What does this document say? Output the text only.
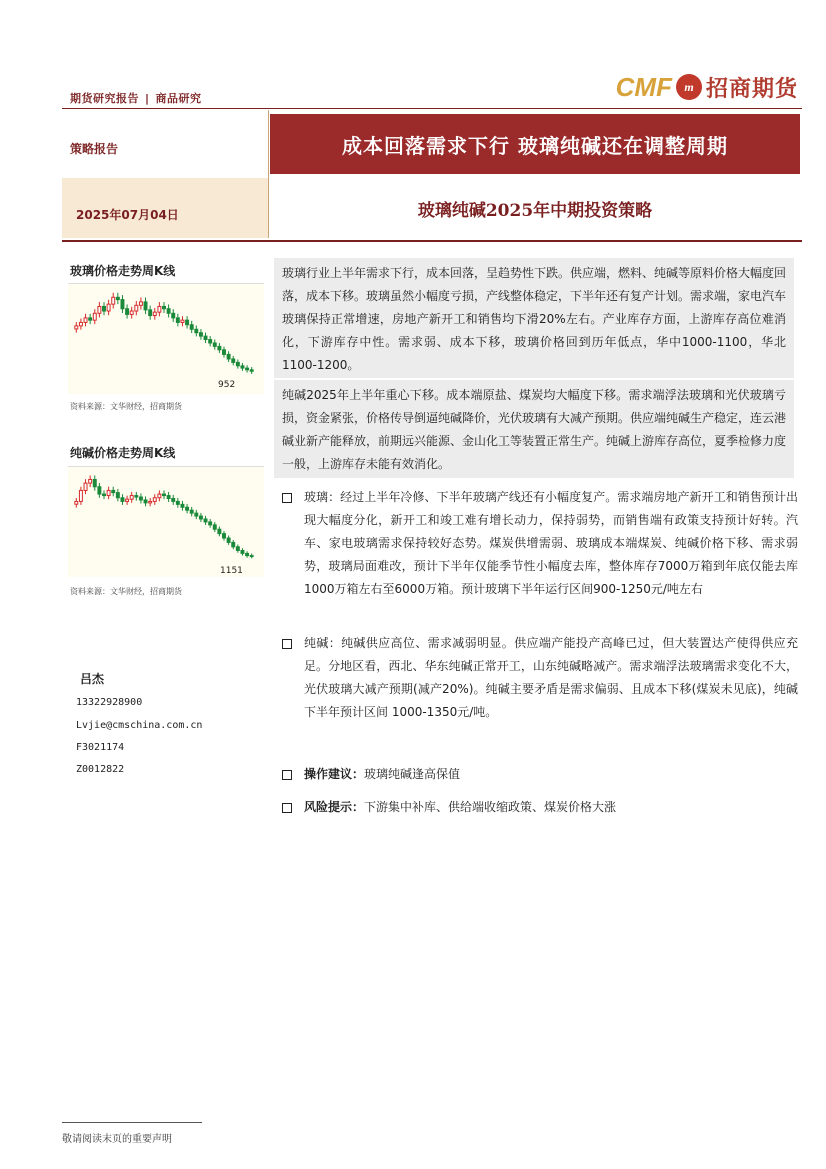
期货研究报告 | 商品研究	CMF	m 招商期货
策略报告	成本回落需求下行 玻璃纯碱还在调整周期
2025年07月04日	玻璃纯碱2025年中期投资策略
玻璃价格走势周K线
952
资料来源：文华财经，招商期货
纯碱价格走势周K线
1151
资料来源：文华财经，招商期货
吕杰
13322928900
Lvjie@cmschina.com.cn
F3021174
Z0012822
玻璃行业上半年需求下行，成本回落，呈趋势性下跌。供应端，燃料、纯碱等原料价格大幅度回落，成本下移。玻璃虽然小幅度亏损，产线整体稳定，下半年还有复产计划。需求端，家电汽车玻璃保持正常增速，房地产新开工和销售均下滑20%左右。产业库存方面，上游库存高位难消化，下游库存中性。需求弱、成本下移，玻璃价格回到历年低点，华中1000-1100，华北1100-1200。
纯碱2025年上半年重心下移。成本端原盐、煤炭均大幅度下移。需求端浮法玻璃和光伏玻璃亏损，资金紧张，价格传导倒逼纯碱降价，光伏玻璃有大减产预期。供应端纯碱生产稳定，连云港碱业新产能释放，前期远兴能源、金山化工等装置正常生产。纯碱上游库存高位，夏季检修力度一般，上游库存未能有效消化。
玻璃：经过上半年冷修、下半年玻璃产线还有小幅度复产。需求端房地产新开工和销售预计出现大幅度分化，新开工和竣工难有增长动力，保持弱势，而销售端有政策支持预计好转。汽车、家电玻璃需求保持较好态势。煤炭供增需弱、玻璃成本端煤炭、纯碱价格下移、需求弱势，玻璃局面难改，预计下半年仅能季节性小幅度去库，整体库存7000万箱到年底仅能去库1000万箱左右至6000万箱。预计玻璃下半年运行区间900-1250元/吨左右
纯碱：纯碱供应高位、需求减弱明显。供应端产能投产高峰已过，但大装置达产使得供应充足。分地区看，西北、华东纯碱正常开工，山东纯碱略减产。需求端浮法玻璃需求变化不大，光伏玻璃大减产预期(减产20%)。纯碱主要矛盾是需求偏弱、且成本下移(煤炭未见底)，纯碱下半年预计区间 1000-1350元/吨。
操作建议：玻璃纯碱逢高保值
风险提示：下游集中补库、供给端收缩政策、煤炭价格大涨
敬请阅读末页的重要声明
